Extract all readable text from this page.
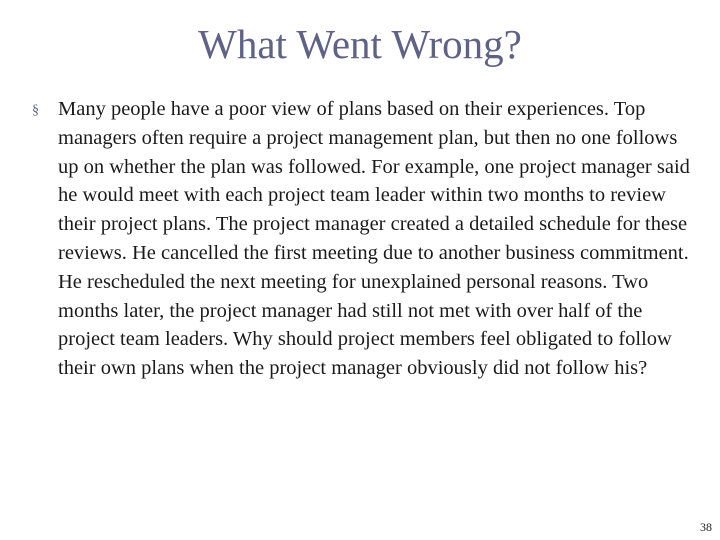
What Went Wrong?
§ Many people have a poor view of plans based on their experiences. Top managers often require a project management plan, but then no one follows up on whether the plan was followed. For example, one project manager said he would meet with each project team leader within two months to review their project plans. The project manager created a detailed schedule for these reviews. He cancelled the first meeting due to another business commitment. He rescheduled the next meeting for unexplained personal reasons. Two months later, the project manager had still not met with over half of the project team leaders. Why should project members feel obligated to follow their own plans when the project manager obviously did not follow his?
38
